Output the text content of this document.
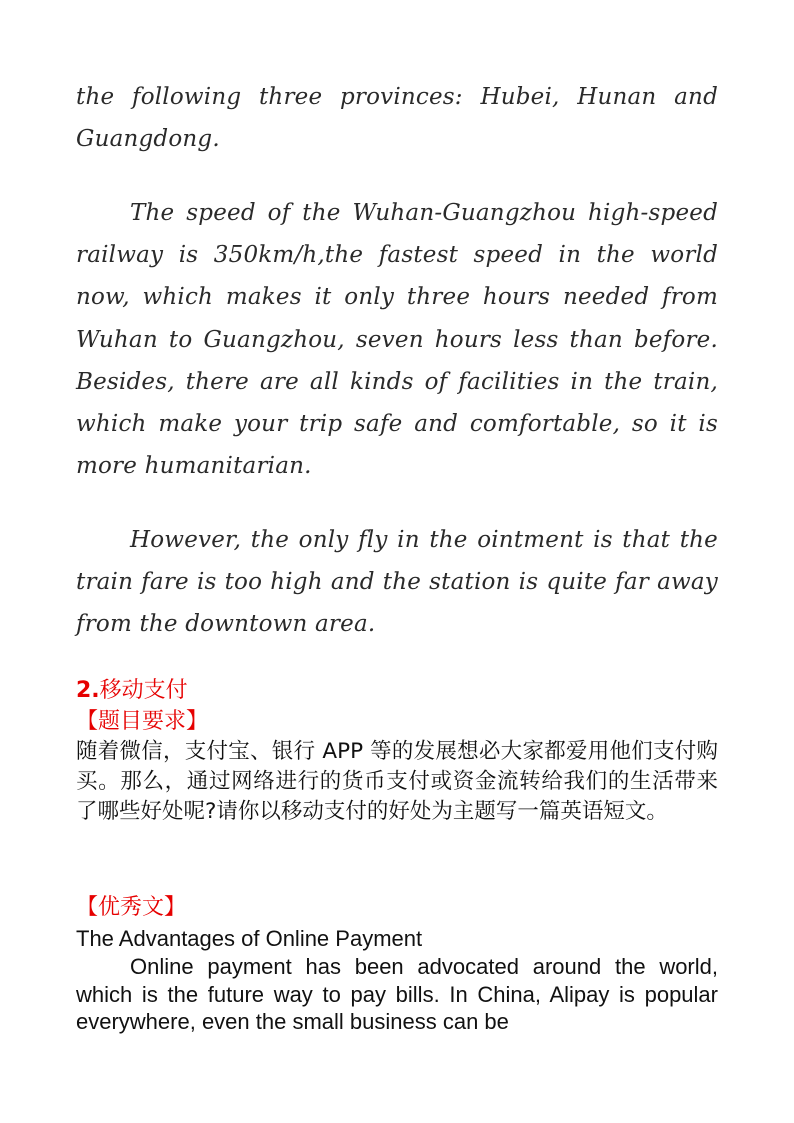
the following three provinces: Hubei, Hunan and Guangdong.

The speed of the Wuhan-Guangzhou high-speed railway is 350km/h,the fastest speed in the world now, which makes it only three hours needed from Wuhan to Guangzhou, seven hours less than before. Besides, there are all kinds of facilities in the train, which make your trip safe and comfortable, so it is more humanitarian.

However, the only fly in the ointment is that the train fare is too high and the station is quite far away from the downtown area.

2.移动支付

【题目要求】

随着微信，支付宝、银行 APP 等的发展想必大家都爱用他们支付购买。那么，通过网络进行的货币支付或资金流转给我们的生活带来了哪些好处呢?请你以移动支付的好处为主题写一篇英语短文。

【优秀文】

The Advantages of Online Payment

Online payment has been advocated around the world, which is the future way to pay bills. In China, Alipay is popular everywhere, even the small business can be
